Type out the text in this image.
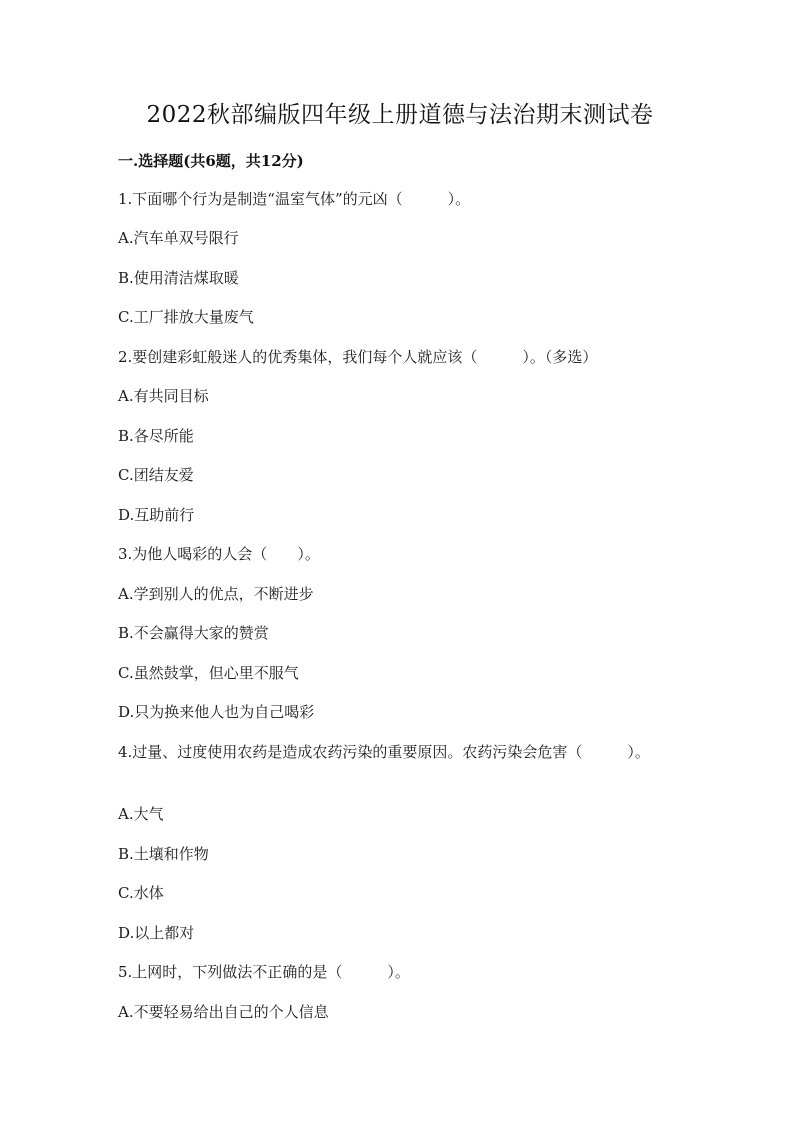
2022秋部编版四年级上册道德与法治期末测试卷
一.选择题(共6题，共12分)
1.下面哪个行为是制造“温室气体”的元凶（　　　）。
A.汽车单双号限行
B.使用清洁煤取暖
C.工厂排放大量废气
2.要创建彩虹般迷人的优秀集体，我们每个人就应该（　　　）。（多选）
A.有共同目标
B.各尽所能
C.团结友爱
D.互助前行
3.为他人喝彩的人会（　　）。
A.学到别人的优点，不断进步
B.不会赢得大家的赞赏
C.虽然鼓掌，但心里不服气
D.只为换来他人也为自己喝彩
4.过量、过度使用农药是造成农药污染的重要原因。农药污染会危害（　　　）。
A.大气
B.土壤和作物
C.水体
D.以上都对
5.上网时，下列做法不正确的是（　　　）。
A.不要轻易给出自己的个人信息
